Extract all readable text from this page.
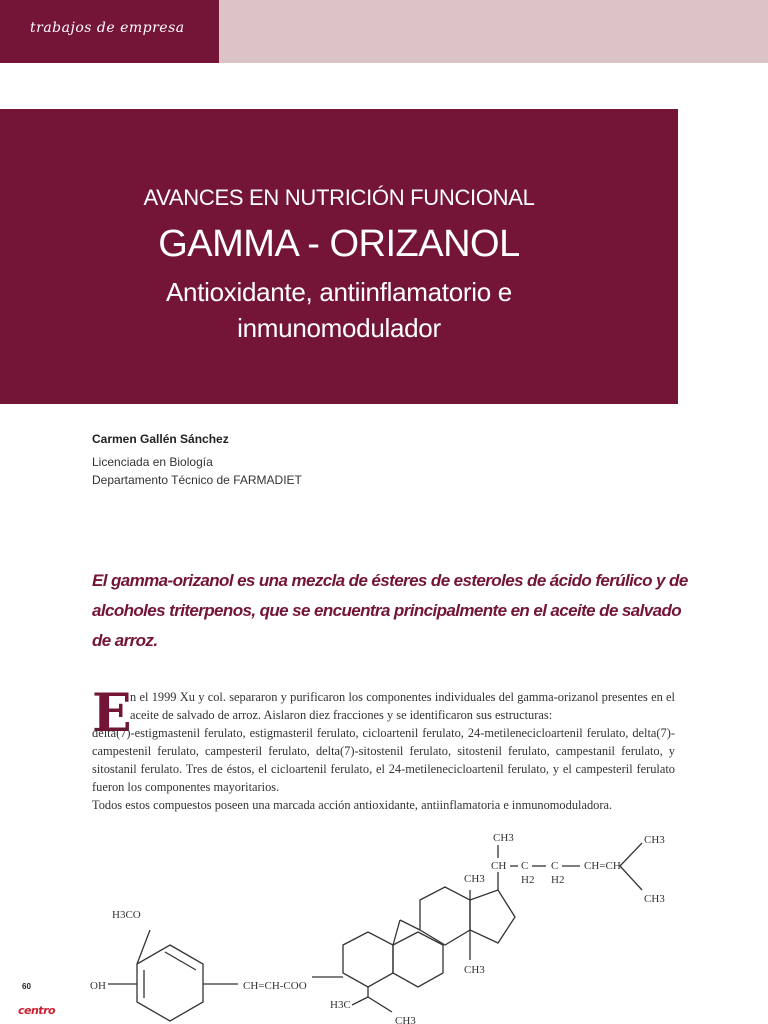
trabajos de empresa
AVANCES EN NUTRICIÓN FUNCIONAL
GAMMA - ORIZANOL
Antioxidante, antiinflamatorio e inmunomodulador
Carmen Gallén Sánchez
Licenciada en Biología
Departamento Técnico de FARMADIET
El gamma-orizanol es una mezcla de ésteres de esteroles de ácido ferúlico y de alcoholes triterpenos, que se encuentra principalmente en el aceite de salvado de arroz.
E
n el 1999 Xu y col. separaron y purificaron los componentes individuales del gamma-orizanol presentes en el aceite de salvado de arroz. Aislaron diez fracciones y se identificaron sus estructuras:
delta(7)-estigmastenil ferulato, estigmasteril ferulato, cicloartenil ferulato, 24-metilenecicloartenil ferulato, delta(7)-campestenil ferulato, campesteril ferulato, delta(7)-sitostenil ferulato, sitostenil ferulato, campestanil ferulato, y sitostanil ferulato. Tres de éstos, el cicloartenil ferulato, el 24-metilenecicloartenil ferulato, y el campesteril ferulato fueron los componentes mayoritarios.
Todos estos compuestos poseen una marcada acción antioxidante, antiinflamatoria e inmunomoduladora.
H3CO
OH	CH=CH-COO
H3C
CH3
CH3
CH3
CH3
CH C
H2
C
H2
CH=CH
CH3
CH3
60
centro
